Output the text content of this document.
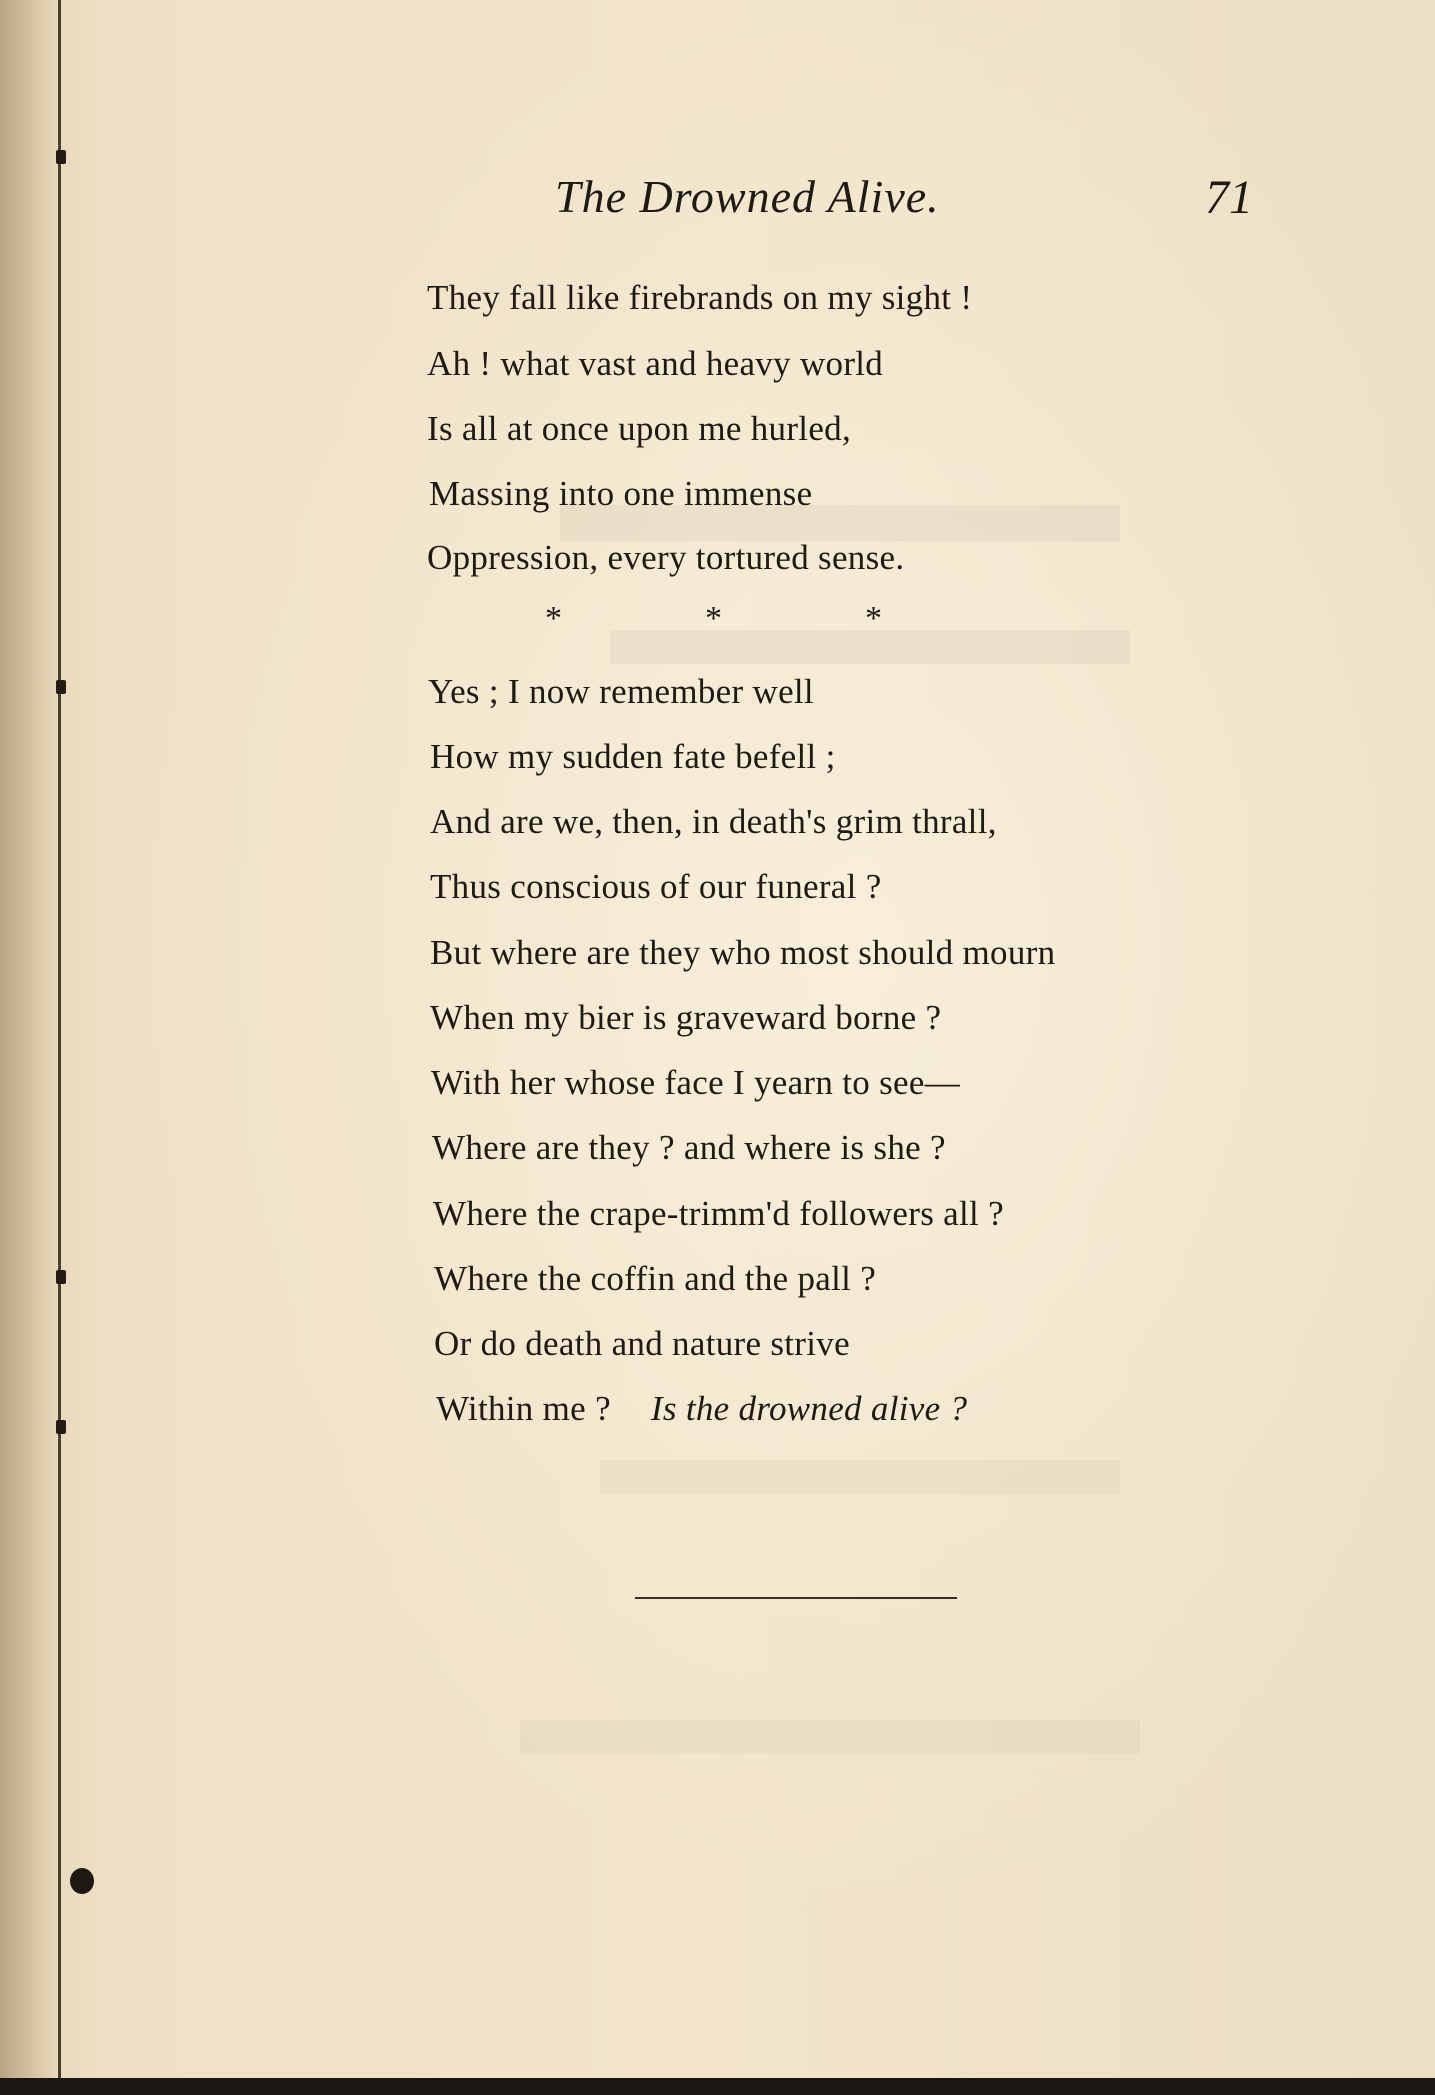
The Drowned Alive.	71
They fall like firebrands on my sight !
Ah ! what vast and heavy world
Is all at once upon me hurled,
Massing into one immense
Oppression, every tortured sense.
*	*	*
Yes ; I now remember well
How my sudden fate befell ;
And are we, then, in death's grim thrall,
Thus conscious of our funeral ?
But where are they who most should mourn
When my bier is graveward borne ?
With her whose face I yearn to see—
Where are they ? and where is she ?
Where the crape-trimm'd followers all ?
Where the coffin and the pall ?
Or do death and nature strive
Within me ? Is the drowned alive ?
